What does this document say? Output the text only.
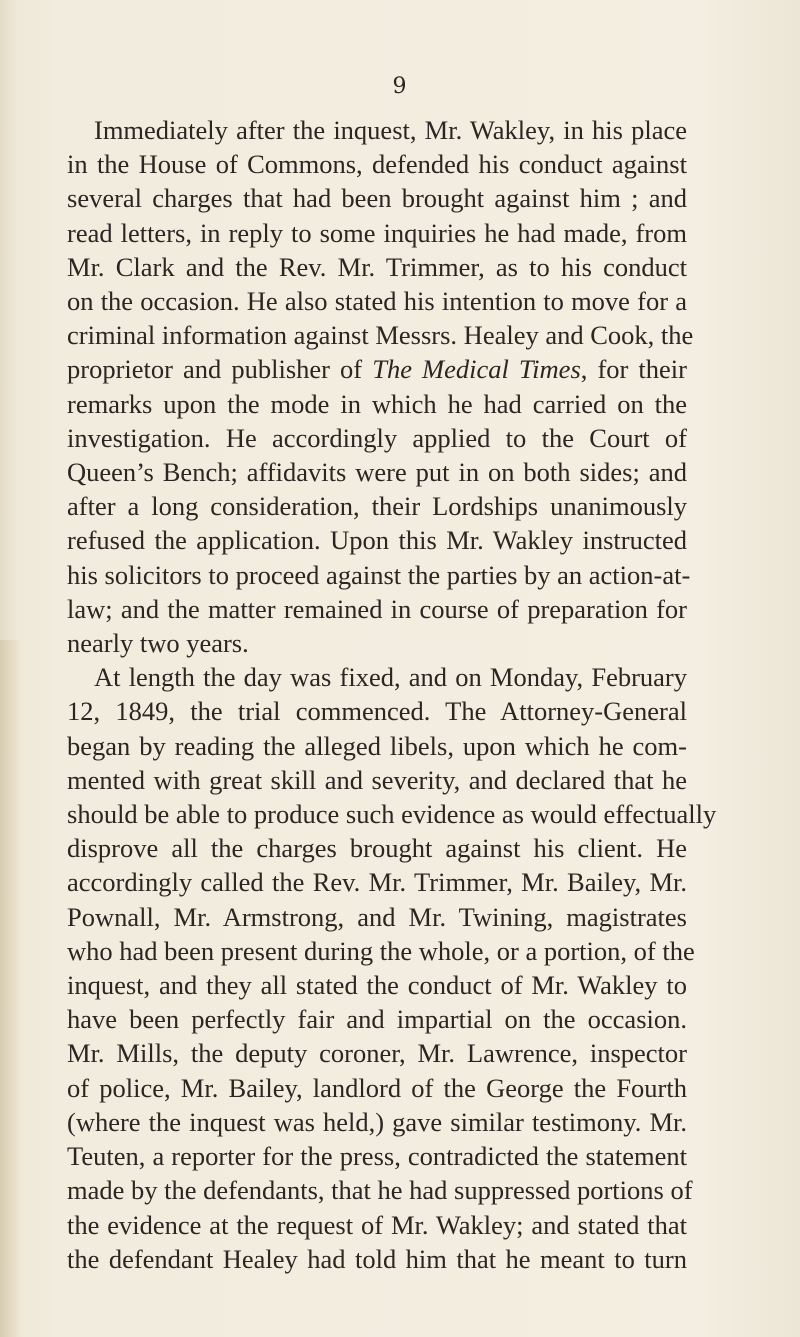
9
Immediately after the inquest, Mr. Wakley, in his place
in the House of Commons, defended his conduct against
several charges that had been brought against him ; and
read letters, in reply to some inquiries he had made, from
Mr. Clark and the Rev. Mr. Trimmer, as to his conduct
on the occasion. He also stated his intention to move for a
criminal information against Messrs. Healey and Cook, the
proprietor and publisher of The Medical Times, for their
remarks upon the mode in which he had carried on the
investigation. He accordingly applied to the Court of
Queen’s Bench; affidavits were put in on both sides; and
after a long consideration, their Lordships unanimously
refused the application. Upon this Mr. Wakley instructed
his solicitors to proceed against the parties by an action-at-
law; and the matter remained in course of preparation for
nearly two years.
At length the day was fixed, and on Monday, February
12, 1849, the trial commenced. The Attorney-General
began by reading the alleged libels, upon which he com-
mented with great skill and severity, and declared that he
should be able to produce such evidence as would effectually
disprove all the charges brought against his client. He
accordingly called the Rev. Mr. Trimmer, Mr. Bailey, Mr.
Pownall, Mr. Armstrong, and Mr. Twining, magistrates
who had been present during the whole, or a portion, of the
inquest, and they all stated the conduct of Mr. Wakley to
have been perfectly fair and impartial on the occasion.
Mr. Mills, the deputy coroner, Mr. Lawrence, inspector
of police, Mr. Bailey, landlord of the George the Fourth
(where the inquest was held,) gave similar testimony. Mr.
Teuten, a reporter for the press, contradicted the statement
made by the defendants, that he had suppressed portions of
the evidence at the request of Mr. Wakley; and stated that
the defendant Healey had told him that he meant to turn
